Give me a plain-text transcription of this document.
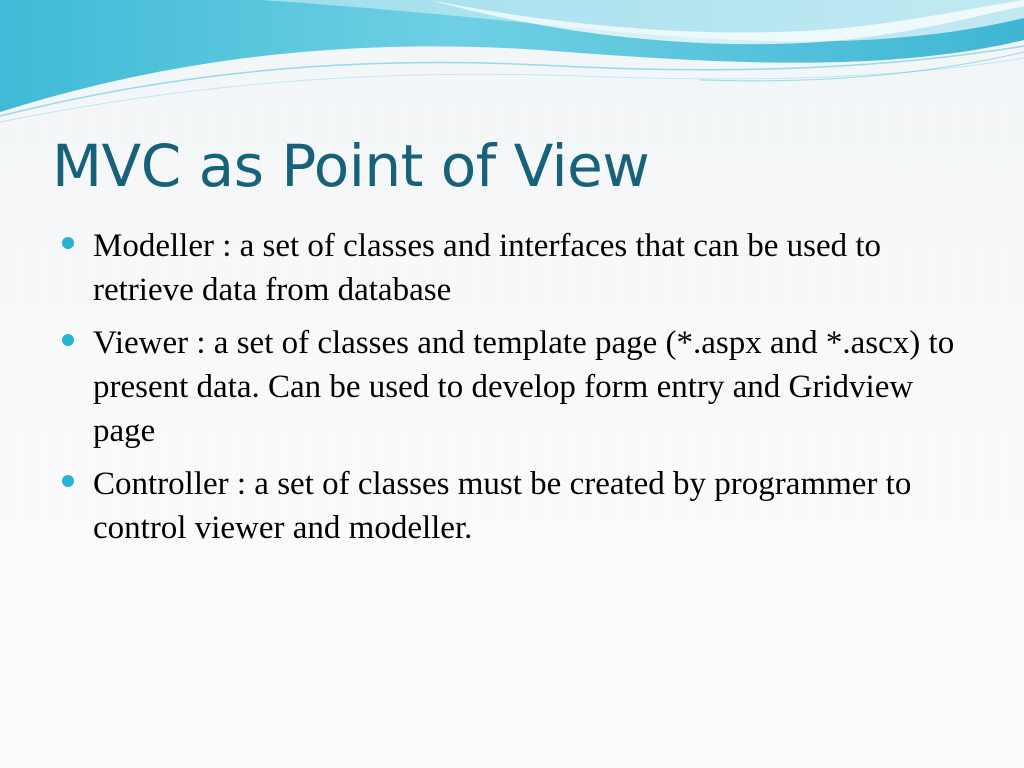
MVC as Point of View
Modeller : a set of classes and interfaces that can be used to retrieve data from database
Viewer : a set of classes and template page (*.aspx and *.ascx) to present data. Can be used to develop form entry and Gridview  page
Controller : a set of classes must be created by programmer to control viewer and modeller.
